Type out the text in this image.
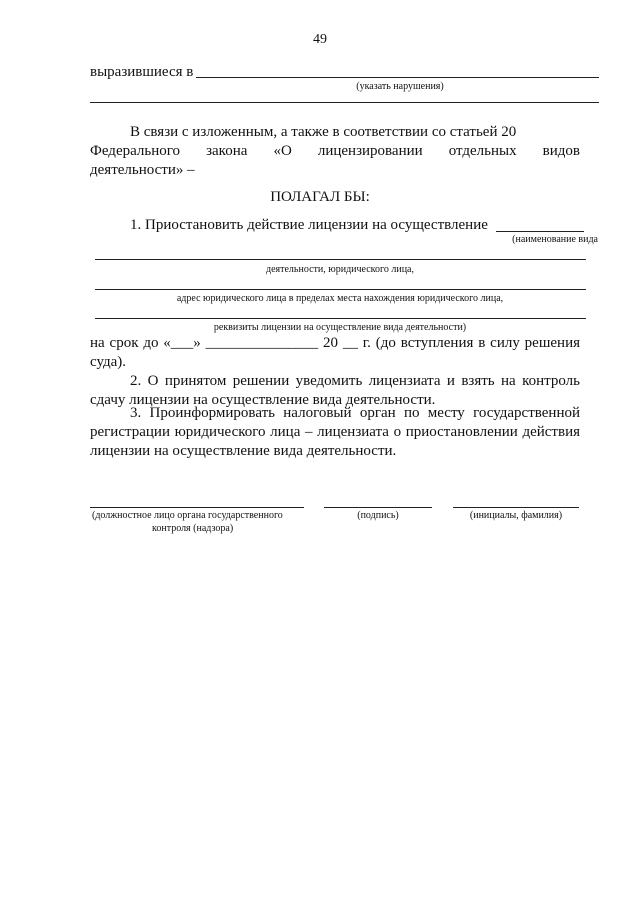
49
выразившиеся в
(указать нарушения)
В связи с изложенным, а также в соответствии со статьей 20
Федерального закона «О лицензировании отдельных видов
деятельности» –
ПОЛАГАЛ БЫ:
1. Приостановить действие лицензии на осуществление
(наименование вида
деятельности, юридического лица,
адрес юридического лица в пределах места нахождения юридического лица,
реквизиты лицензии на осуществление вида деятельности)
на срок до «___» _______________ 20 __ г. (до вступления в силу решения
суда).
2. О принятом решении уведомить лицензиата и взять на контроль
сдачу лицензии на осуществление вида деятельности.
3. Проинформировать налоговый орган по месту государственной
регистрации юридического лица – лицензиата о приостановлении действия
лицензии на осуществление вида деятельности.
(должностное лицо органа государственного
контроля (надзора)
(подпись)	(инициалы, фамилия)
